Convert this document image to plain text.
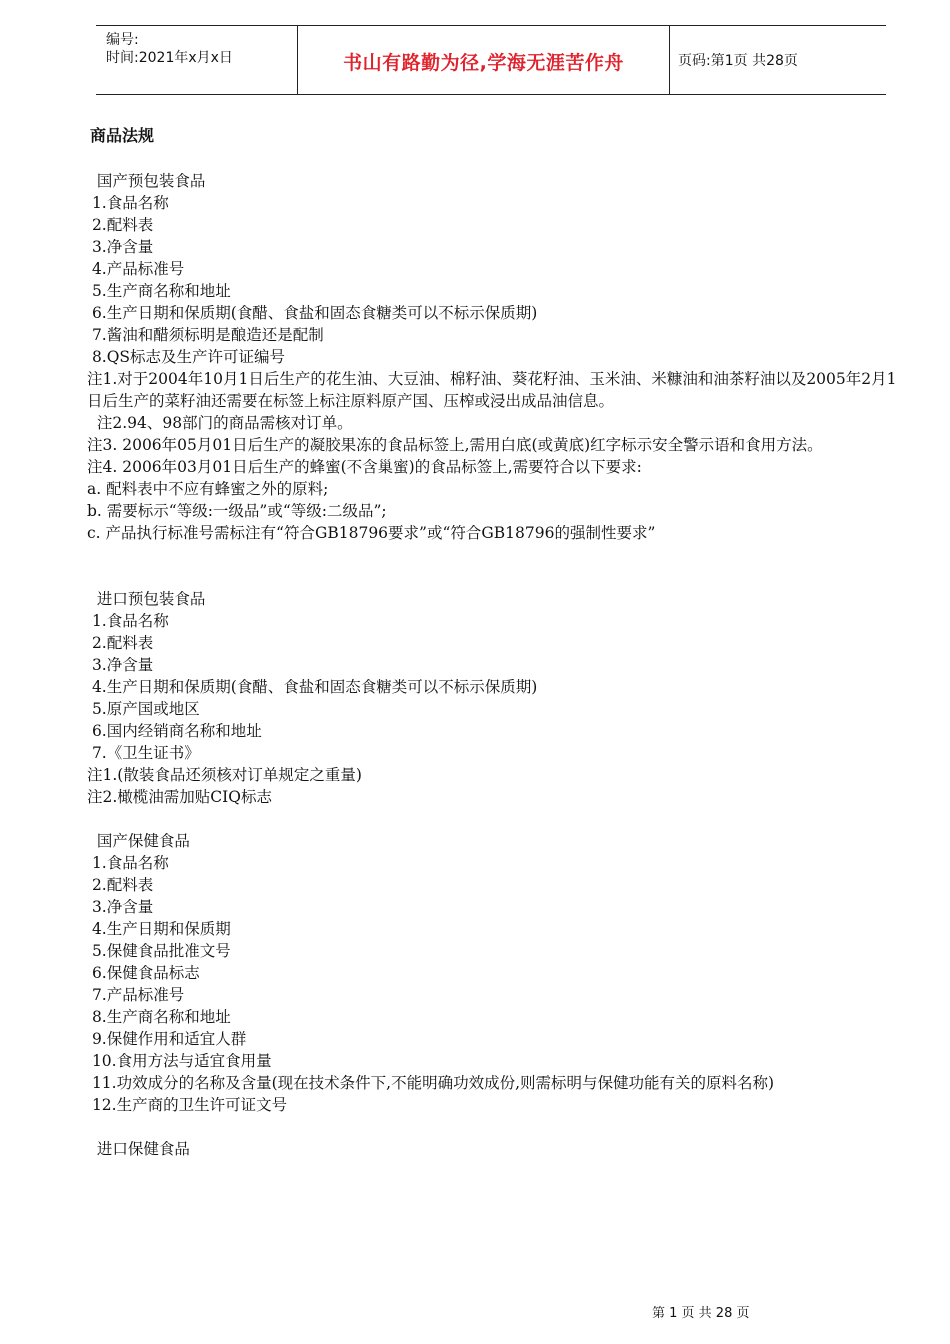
编号:
时间:2021年x月x日	书山有路勤为径,学海无涯苦作舟	页码:第1页 共28页
商品法规

国产预包装食品

1.食品名称

2.配料表

3.净含量

4.产品标准号

5.生产商名称和地址

6.生产日期和保质期(食醋、食盐和固态食糖类可以不标示保质期)

7.酱油和醋须标明是酿造还是配制

8.QS标志及生产许可证编号

注1.对于2004年10月1日后生产的花生油、大豆油、棉籽油、葵花籽油、玉米油、米糠油和油茶籽油以及2005年2月1日后生产的菜籽油还需要在标签上标注原料原产国、压榨或浸出成品油信息。

注2.94、98部门的商品需核对订单。

注3. 2006年05月01日后生产的凝胶果冻的食品标签上,需用白底(或黄底)红字标示安全警示语和食用方法。

注4. 2006年03月01日后生产的蜂蜜(不含巢蜜)的食品标签上,需要符合以下要求:

a. 配料表中不应有蜂蜜之外的原料;

b. 需要标示“等级:一级品”或“等级:二级品”;

c. 产品执行标准号需标注有“符合GB18796要求”或“符合GB18796的强制性要求”

进口预包装食品

1.食品名称

2.配料表

3.净含量

4.生产日期和保质期(食醋、食盐和固态食糖类可以不标示保质期)

5.原产国或地区

6.国内经销商名称和地址

7.《卫生证书》

注1.(散装食品还须核对订单规定之重量)

注2.橄榄油需加贴CIQ标志

国产保健食品

1.食品名称

2.配料表

3.净含量

4.生产日期和保质期

5.保健食品批准文号

6.保健食品标志

7.产品标准号

8.生产商名称和地址

9.保健作用和适宜人群

10.食用方法与适宜食用量

11.功效成分的名称及含量(现在技术条件下,不能明确功效成份,则需标明与保健功能有关的原料名称)

12.生产商的卫生许可证文号

进口保健食品

第 1 页 共 28 页
